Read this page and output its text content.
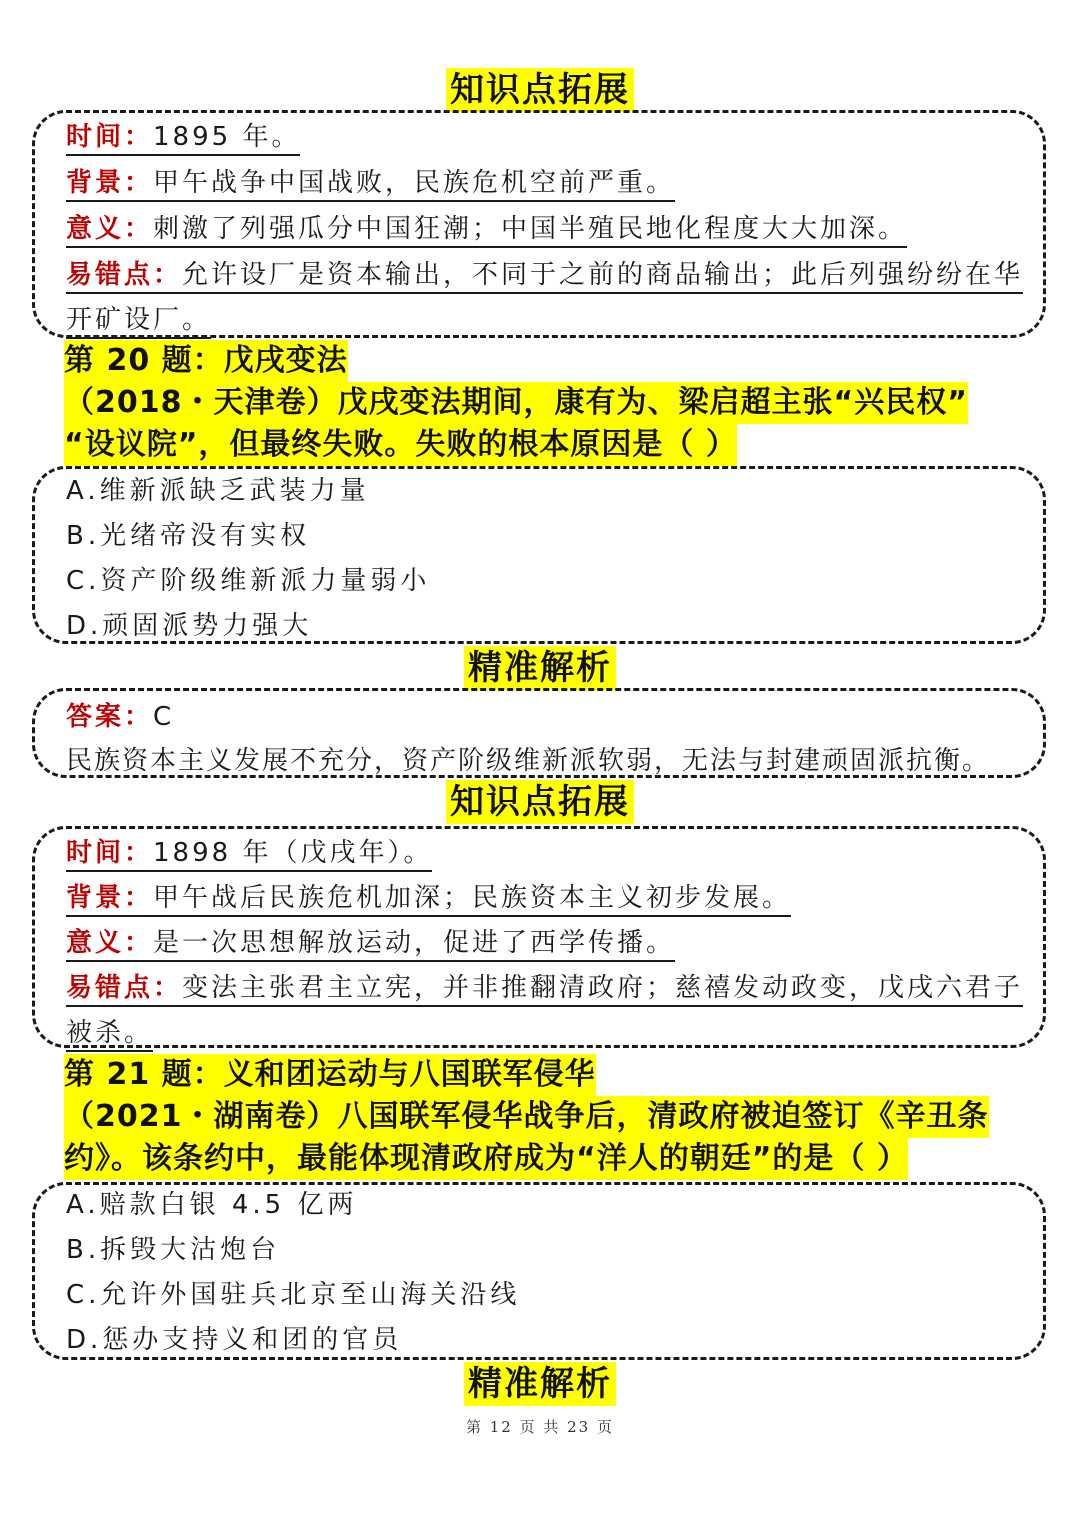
知识点拓展
时间：1895 年。
背景：甲午战争中国战败，民族危机空前严重。
意义：刺激了列强瓜分中国狂潮；中国半殖民地化程度大大加深。
易错点：允许设厂是资本输出，不同于之前的商品输出；此后列强纷纷在华
开矿设厂。
第 20 题：戊戌变法
（2018・天津卷）戊戌变法期间，康有为、梁启超主张“兴民权”
“设议院”，但最终失败。失败的根本原因是（ ）
A.维新派缺乏武装力量
B.光绪帝没有实权
C.资产阶级维新派力量弱小
D.顽固派势力强大
精准解析
答案：C
民族资本主义发展不充分，资产阶级维新派软弱，无法与封建顽固派抗衡。
知识点拓展
时间：1898 年（戊戌年）。
背景：甲午战后民族危机加深；民族资本主义初步发展。
意义：是一次思想解放运动，促进了西学传播。
易错点：变法主张君主立宪，并非推翻清政府；慈禧发动政变，戊戌六君子
被杀。
第 21 题：义和团运动与八国联军侵华
（2021・湖南卷）八国联军侵华战争后，清政府被迫签订《辛丑条
约》。该条约中，最能体现清政府成为“洋人的朝廷”的是（ ）
A.赔款白银 4.5 亿两
B.拆毁大沽炮台
C.允许外国驻兵北京至山海关沿线
D.惩办支持义和团的官员
精准解析
第 12 页 共 23 页
